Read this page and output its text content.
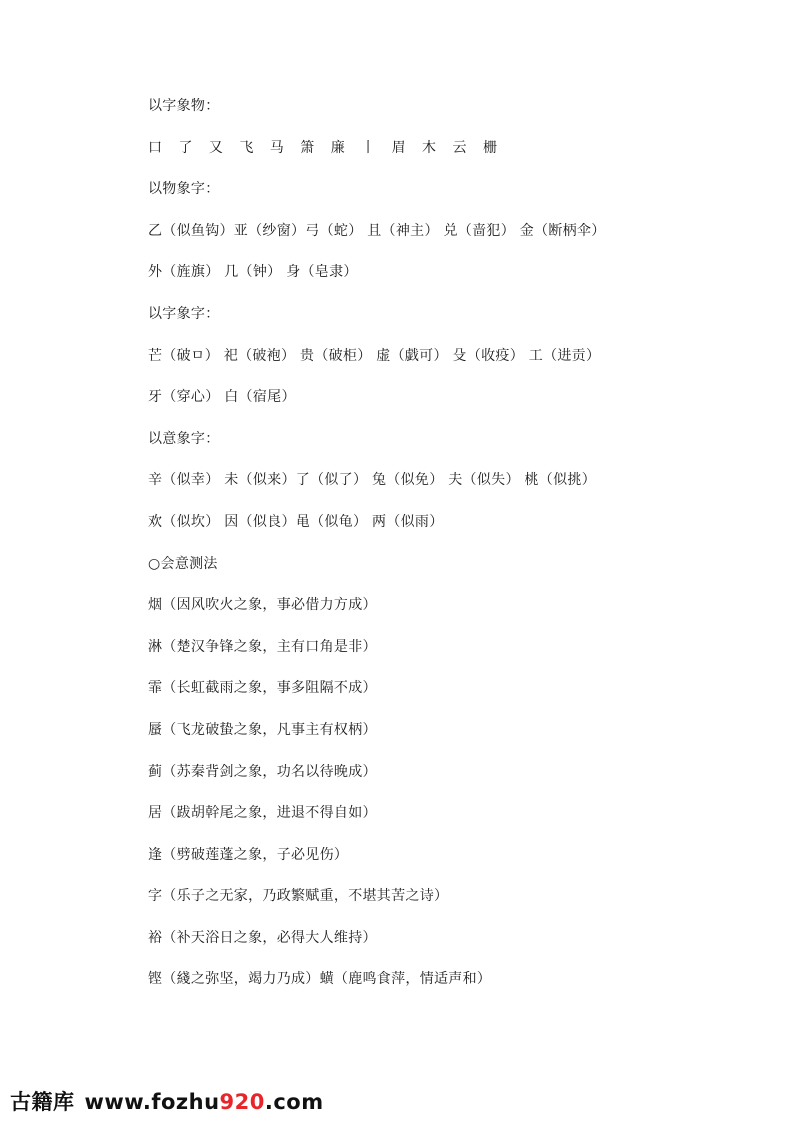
以字象物：
口 了 又 飞 马 箫 廉 丨 眉 木 云 栅
以物象字：
乙（似鱼钩）亚（纱窗）弓（蛇） 且（神主） 兑（啬犯） 金（断柄伞）
外（旌旗） 几（钟） 身（皂隶）
以字象字：
芒（破ㅁ） 祀（破袍） 贵（破柜） 虚（戯可） 殳（收疫） 工（进贡）
牙（穿心） 白（宿尾）
以意象字：
辛（似幸） 未（似来）了（似了） 兔（似免） 夫（似失） 桃（似挑）
欢（似坎） 因（似良）黾（似龟） 两（似雨）
○会意测法
烟（因风吹火之象，事必借力方成）
淋（楚汉争锋之象，主有口角是非）
霏（长虹截雨之象，事多阻隔不成）
蜃（飞龙破蛰之象，凡事主有权柄）
蓟（苏秦背剑之象，功名以待晚成）
居（跋胡幹尾之象，进退不得自如）
逢（劈破莲蓬之象，子必见伤）
字（乐子之无家，乃政繁赋重，不堪其苦之诗）
裕（补天浴日之象，必得大人维持）
铿（綫之弥坚，竭力乃成）蟥（鹿鸣食萍，情适声和）
古籍库 www.fozhu920.com
